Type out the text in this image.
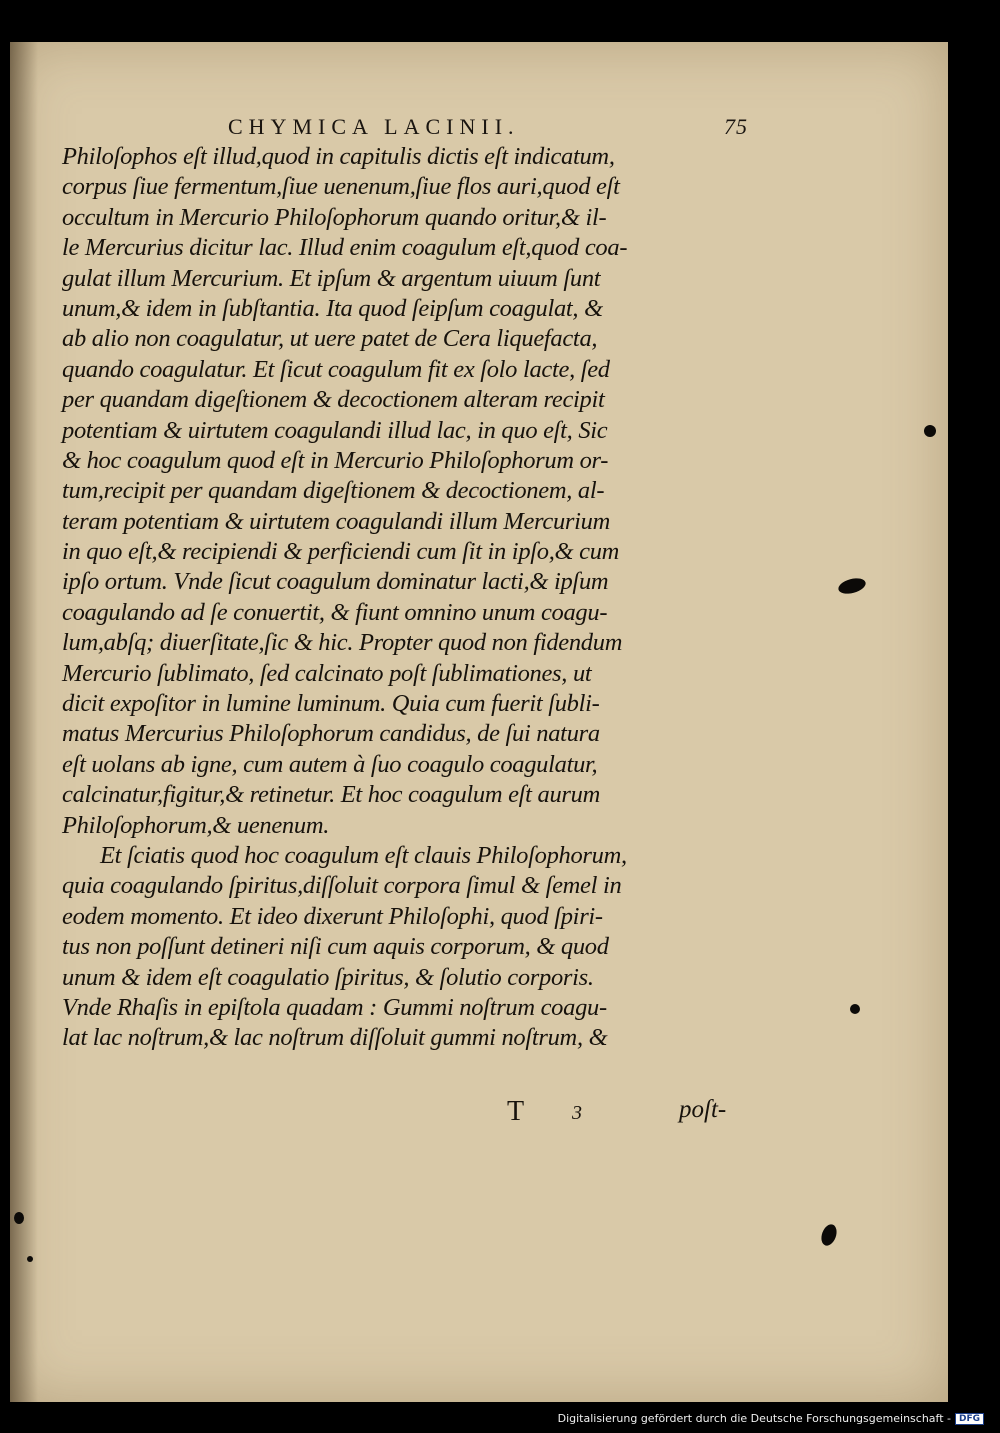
CHYMICA LACINII.	75
Philoſophos eſt illud,quod in capitulis dictis eſt indicatum,
corpus ſiue fermentum,ſiue uenenum,ſiue flos auri,quod eſt
occultum in Mercurio Philoſophorum quando oritur,& il-
le Mercurius dicitur lac. Illud enim coagulum eſt,quod coa-
gulat illum Mercurium. Et ipſum & argentum uiuum ſunt
unum,& idem in ſubſtantia. Ita quod ſeipſum coagulat, &
ab alio non coagulatur, ut uere patet de Cera liquefacta,
quando coagulatur. Et ſicut coagulum fit ex ſolo lacte, ſed
per quandam digeſtionem & decoctionem alteram recipit
potentiam & uirtutem coagulandi illud lac, in quo eſt, Sic
& hoc coagulum quod eſt in Mercurio Philoſophorum or-
tum,recipit per quandam digeſtionem & decoctionem, al-
teram potentiam & uirtutem coagulandi illum Mercurium
in quo eſt,& recipiendi & perficiendi cum ſit in ipſo,& cum
ipſo ortum. Vnde ſicut coagulum dominatur lacti,& ipſum
coagulando ad ſe conuertit, & fiunt omnino unum coagu-
lum,abſq; diuerſitate,ſic & hic. Propter quod non fidendum
Mercurio ſublimato, ſed calcinato poſt ſublimationes, ut
dicit expoſitor in lumine luminum. Quia cum fuerit ſubli-
matus Mercurius Philoſophorum candidus, de ſui natura
eſt uolans ab igne, cum autem à ſuo coagulo coagulatur,
calcinatur,figitur,& retinetur. Et hoc coagulum eſt aurum
Philoſophorum,& uenenum.
Et ſciatis quod hoc coagulum eſt clauis Philoſophorum,
quia coagulando ſpiritus,diſſoluit corpora ſimul & ſemel in
eodem momento. Et ideo dixerunt Philoſophi, quod ſpiri-
tus non poſſunt detineri niſi cum aquis corporum, & quod
unum & idem eſt coagulatio ſpiritus, & ſolutio corporis.
Vnde Rhaſis in epiſtola quadam : Gummi noſtrum coagu-
lat lac noſtrum,& lac noſtrum diſſoluit gummi noſtrum, &
T 3	poſt-
Digitalisierung gefördert durch die Deutsche Forschungsgemeinschaft - DFG
